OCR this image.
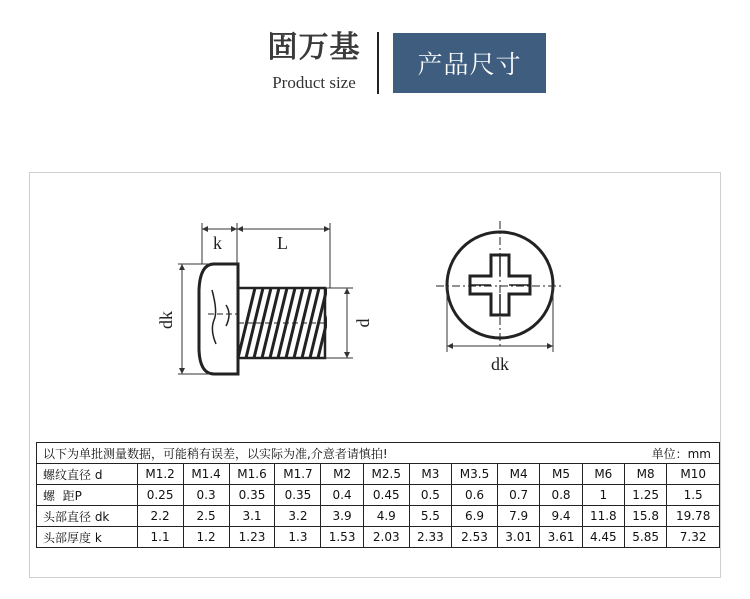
固万基
Product size
产品尺寸
k	L
dk	d
dk
以下为单批测量数据，可能稍有误差，以实际为准,介意者请慎拍! 单位：mm													

螺纹直径 d	M1.2	M1.4	M1.6	M1.7	M2	M2.5	M3	M3.5	M4	M5	M6	M8	M10
螺  距P	0.25	0.3	0.35	0.35	0.4	0.45	0.5	0.6	0.7	0.8	1	1.25	1.5
头部直径 dk	2.2	2.5	3.1	3.2	3.9	4.9	5.5	6.9	7.9	9.4	11.8	15.8	19.78
头部厚度 k	1.1	1.2	1.23	1.3	1.53	2.03	2.33	2.53	3.01	3.61	4.45	5.85	7.32
